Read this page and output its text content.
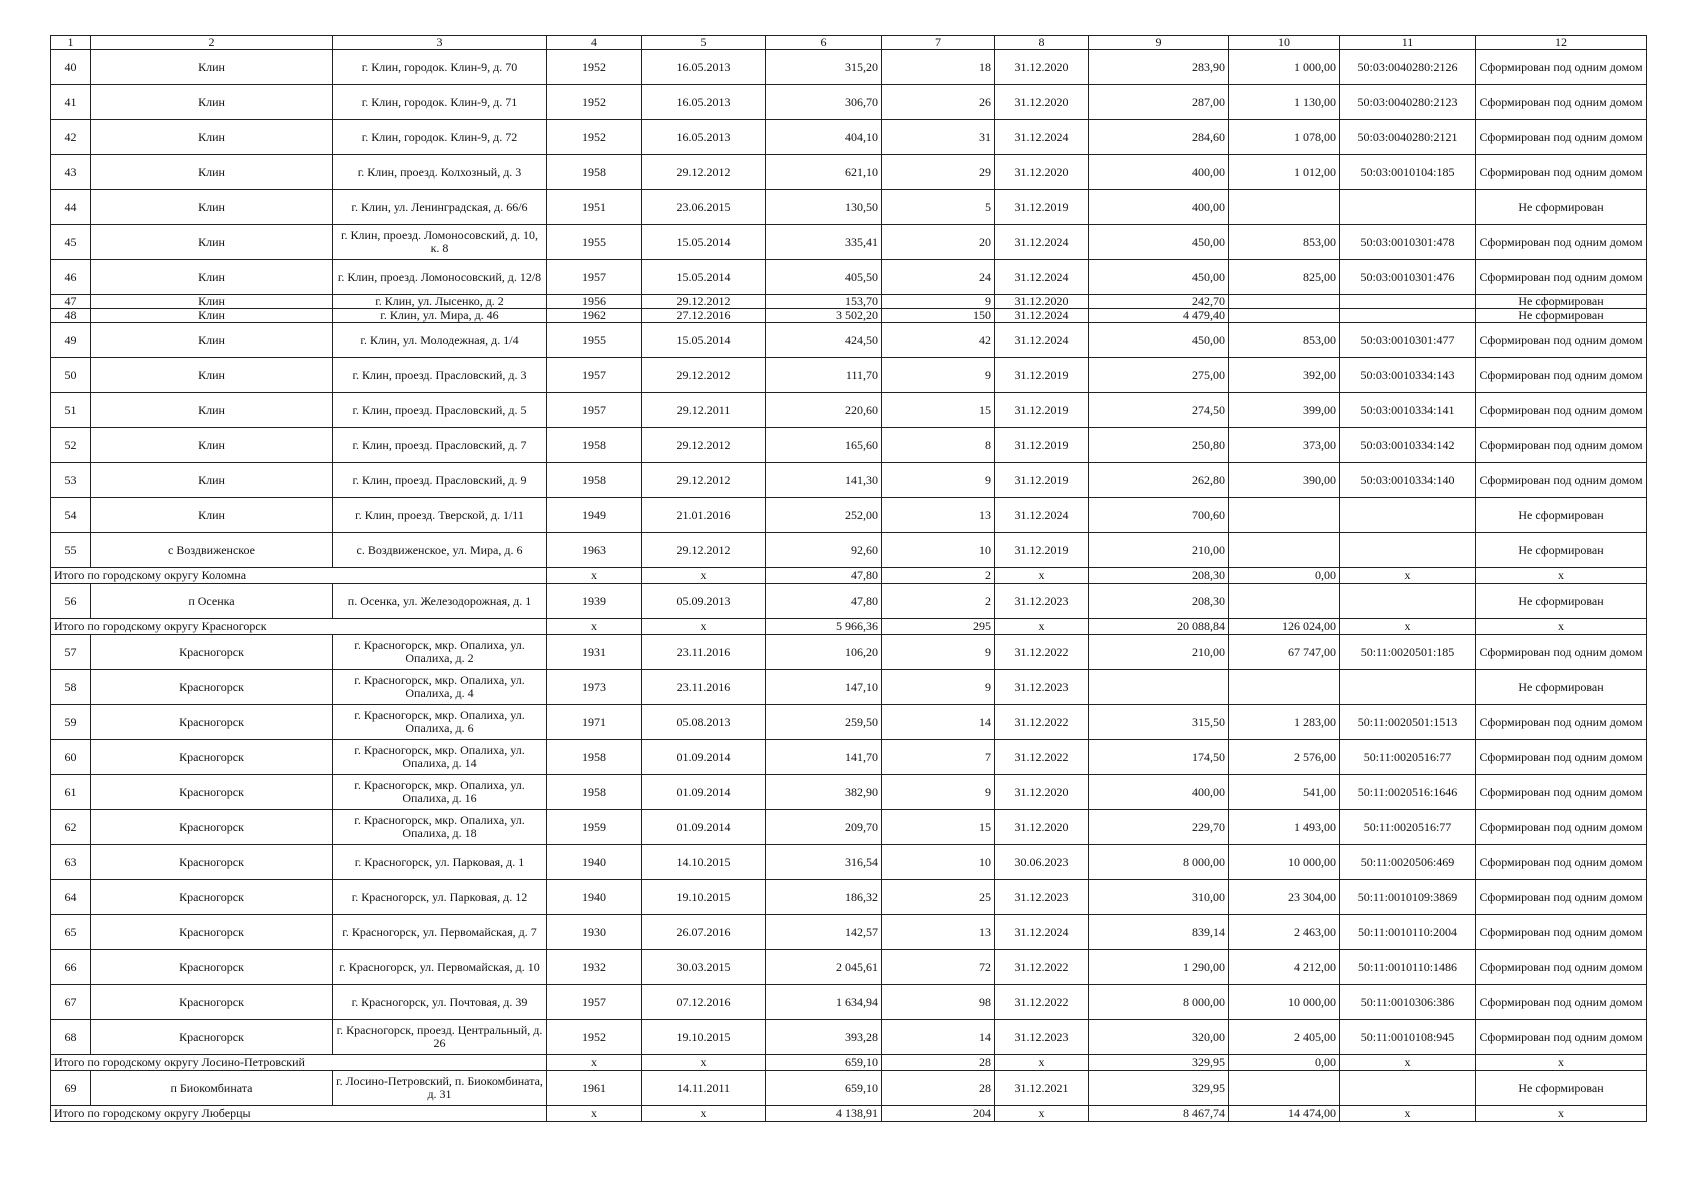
1	2	3	4	5	6	7	8	9	10	11	12
40	Клин	г. Клин, городок. Клин-9, д. 70	1952	16.05.2013	315,20	18	31.12.2020	283,90	1 000,00	50:03:0040280:2126	Сформирован под одним домом
41	Клин	г. Клин, городок. Клин-9, д. 71	1952	16.05.2013	306,70	26	31.12.2020	287,00	1 130,00	50:03:0040280:2123	Сформирован под одним домом
42	Клин	г. Клин, городок. Клин-9, д. 72	1952	16.05.2013	404,10	31	31.12.2024	284,60	1 078,00	50:03:0040280:2121	Сформирован под одним домом
43	Клин	г. Клин, проезд. Колхозный, д. 3	1958	29.12.2012	621,10	29	31.12.2020	400,00	1 012,00	50:03:0010104:185	Сформирован под одним домом
44	Клин	г. Клин, ул. Ленинградская, д. 66/6	1951	23.06.2015	130,50	5	31.12.2019	400,00			Не сформирован
45	Клин	г. Клин, проезд. Ломоносовский, д. 10, к. 8	1955	15.05.2014	335,41	20	31.12.2024	450,00	853,00	50:03:0010301:478	Сформирован под одним домом
46	Клин	г. Клин, проезд. Ломоносовский, д. 12/8	1957	15.05.2014	405,50	24	31.12.2024	450,00	825,00	50:03:0010301:476	Сформирован под одним домом
47	Клин	г. Клин, ул. Лысенко, д. 2	1956	29.12.2012	153,70	9	31.12.2020	242,70			Не сформирован
48	Клин	г. Клин, ул. Мира, д. 46	1962	27.12.2016	3 502,20	150	31.12.2024	4 479,40			Не сформирован
49	Клин	г. Клин, ул. Молодежная, д. 1/4	1955	15.05.2014	424,50	42	31.12.2024	450,00	853,00	50:03:0010301:477	Сформирован под одним домом
50	Клин	г. Клин, проезд. Прасловский, д. 3	1957	29.12.2012	111,70	9	31.12.2019	275,00	392,00	50:03:0010334:143	Сформирован под одним домом
51	Клин	г. Клин, проезд. Прасловский, д. 5	1957	29.12.2011	220,60	15	31.12.2019	274,50	399,00	50:03:0010334:141	Сформирован под одним домом
52	Клин	г. Клин, проезд. Прасловский, д. 7	1958	29.12.2012	165,60	8	31.12.2019	250,80	373,00	50:03:0010334:142	Сформирован под одним домом
53	Клин	г. Клин, проезд. Прасловский, д. 9	1958	29.12.2012	141,30	9	31.12.2019	262,80	390,00	50:03:0010334:140	Сформирован под одним домом
54	Клин	г. Клин, проезд. Тверской, д. 1/11	1949	21.01.2016	252,00	13	31.12.2024	700,60			Не сформирован
55	с Воздвиженское	с. Воздвиженское, ул. Мира, д. 6	1963	29.12.2012	92,60	10	31.12.2019	210,00			Не сформирован
Итого по городскому округу Коломна			х	х	47,80	2	х	208,30	0,00	х	х
56	п Осенка	п. Осенка, ул. Железодорожная, д. 1	1939	05.09.2013	47,80	2	31.12.2023	208,30			Не сформирован
Итого по городскому округу Красногорск			х	х	5 966,36	295	х	20 088,84	126 024,00	х	х
57	Красногорск	г. Красногорск, мкр. Опалиха, ул. Опалиха, д. 2	1931	23.11.2016	106,20	9	31.12.2022	210,00	67 747,00	50:11:0020501:185	Сформирован под одним домом
58	Красногорск	г. Красногорск, мкр. Опалиха, ул. Опалиха, д. 4	1973	23.11.2016	147,10	9	31.12.2023				Не сформирован
59	Красногорск	г. Красногорск, мкр. Опалиха, ул. Опалиха, д. 6	1971	05.08.2013	259,50	14	31.12.2022	315,50	1 283,00	50:11:0020501:1513	Сформирован под одним домом
60	Красногорск	г. Красногорск, мкр. Опалиха, ул. Опалиха, д. 14	1958	01.09.2014	141,70	7	31.12.2022	174,50	2 576,00	50:11:0020516:77	Сформирован под одним домом
61	Красногорск	г. Красногорск, мкр. Опалиха, ул. Опалиха, д. 16	1958	01.09.2014	382,90	9	31.12.2020	400,00	541,00	50:11:0020516:1646	Сформирован под одним домом
62	Красногорск	г. Красногорск, мкр. Опалиха, ул. Опалиха, д. 18	1959	01.09.2014	209,70	15	31.12.2020	229,70	1 493,00	50:11:0020516:77	Сформирован под одним домом
63	Красногорск	г. Красногорск, ул. Парковая, д. 1	1940	14.10.2015	316,54	10	30.06.2023	8 000,00	10 000,00	50:11:0020506:469	Сформирован под одним домом
64	Красногорск	г. Красногорск, ул. Парковая, д. 12	1940	19.10.2015	186,32	25	31.12.2023	310,00	23 304,00	50:11:0010109:3869	Сформирован под одним домом
65	Красногорск	г. Красногорск, ул. Первомайская, д. 7	1930	26.07.2016	142,57	13	31.12.2024	839,14	2 463,00	50:11:0010110:2004	Сформирован под одним домом
66	Красногорск	г. Красногорск, ул. Первомайская, д. 10	1932	30.03.2015	2 045,61	72	31.12.2022	1 290,00	4 212,00	50:11:0010110:1486	Сформирован под одним домом
67	Красногорск	г. Красногорск, ул. Почтовая, д. 39	1957	07.12.2016	1 634,94	98	31.12.2022	8 000,00	10 000,00	50:11:0010306:386	Сформирован под одним домом
68	Красногорск	г. Красногорск, проезд. Центральный, д. 26	1952	19.10.2015	393,28	14	31.12.2023	320,00	2 405,00	50:11:0010108:945	Сформирован под одним домом
Итого по городскому округу Лосино-Петровский			х	х	659,10	28	х	329,95	0,00	х	х
69	п Биокомбината	г. Лосино-Петровский, п. Биокомбината, д. 31	1961	14.11.2011	659,10	28	31.12.2021	329,95			Не сформирован
Итого по городскому округу Люберцы			х	х	4 138,91	204	х	8 467,74	14 474,00	х	х
